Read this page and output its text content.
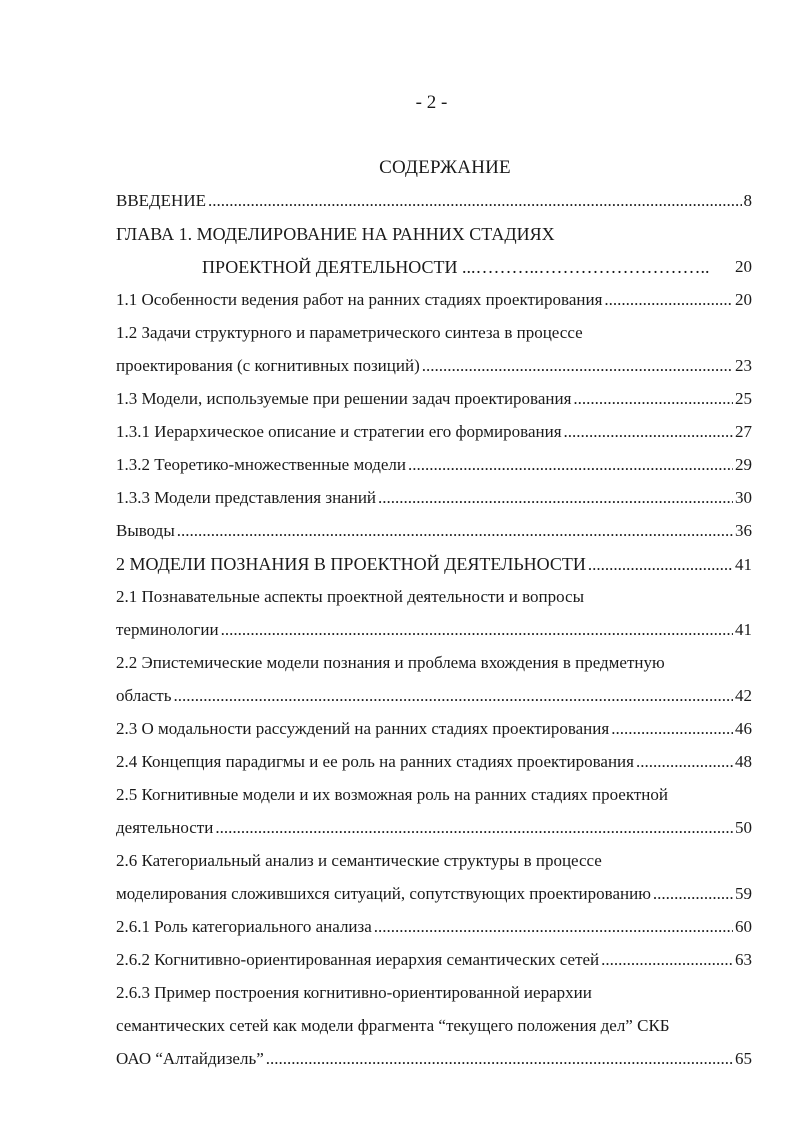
- 2 -
СОДЕРЖАНИЕ
ВВЕДЕНИЕ .....	8
ГЛАВА 1. МОДЕЛИРОВАНИЕ НА РАННИХ СТАДИЯХ
ПРОЕКТНОЙ ДЕЯТЕЛЬНОСТИ ...………..………………………..	20
1.1 Особенности ведения работ на ранних стадиях проектирования .....	20
1.2 Задачи структурного и параметрического синтеза в процессе
проектирования (с когнитивных позиций) .....	23
1.3 Модели, используемые при решении задач проектирования .....	25
1.3.1 Иерархическое описание и стратегии его формирования .....	27
1.3.2 Теоретико-множественные модели .....	29
1.3.3 Модели представления знаний .....	30
Выводы .....	36
2 МОДЕЛИ ПОЗНАНИЯ В ПРОЕКТНОЙ ДЕЯТЕЛЬНОСТИ .....	41
2.1 Познавательные аспекты проектной деятельности и вопросы
терминологии .....	41
2.2 Эпистемические модели познания и проблема вхождения в предметную
область .....	42
2.3 О модальности рассуждений на ранних стадиях проектирования .....	46
2.4 Концепция парадигмы и ее роль на ранних стадиях проектирования .....	48
2.5 Когнитивные модели и их возможная роль на ранних стадиях проектной
деятельности .....	50
2.6 Категориальный анализ и семантические структуры в процессе
моделирования сложившихся ситуаций, сопутствующих проектированию .....	59
2.6.1 Роль категориального анализа .....	60
2.6.2 Когнитивно-ориентированная иерархия семантических сетей .....	63
2.6.3 Пример построения когнитивно-ориентированной иерархии
семантических сетей как модели фрагмента “текущего положения дел” СКБ
ОАО “Алтайдизель” .....	65
